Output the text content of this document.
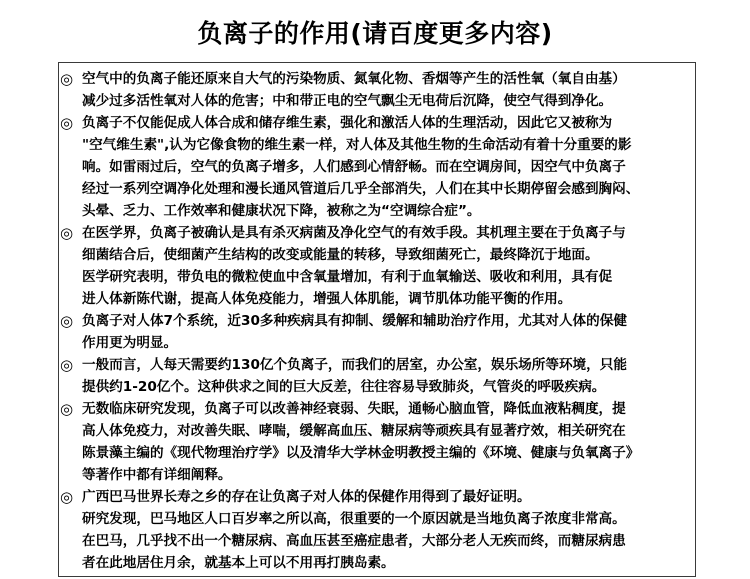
负离子的作用(请百度更多内容)
◎ 空气中的负离子能还原来自大气的污染物质、氮氧化物、香烟等产生的活性氧（氧自由基）
减少过多活性氧对人体的危害；中和带正电的空气飘尘无电荷后沉降，使空气得到净化。
◎ 负离子不仅能促成人体合成和储存维生素，强化和激活人体的生理活动，因此它又被称为
"空气维生素",认为它像食物的维生素一样，对人体及其他生物的生命活动有着十分重要的影
响。如雷雨过后，空气的负离子增多，人们感到心情舒畅。而在空调房间，因空气中负离子
经过一系列空调净化处理和漫长通风管道后几乎全部消失，人们在其中长期停留会感到胸闷、
头晕、乏力、工作效率和健康状况下降，被称之为“空调综合症”。
◎ 在医学界，负离子被确认是具有杀灭病菌及净化空气的有效手段。其机理主要在于负离子与
细菌结合后，使细菌产生结构的改变或能量的转移，导致细菌死亡，最终降沉于地面。
医学研究表明，带负电的微粒使血中含氧量增加，有利于血氧输送、吸收和利用，具有促
进人体新陈代谢，提高人体免疫能力，增强人体肌能，调节肌体功能平衡的作用。
◎ 负离子对人体7个系统，近30多种疾病具有抑制、缓解和辅助治疗作用，尤其对人体的保健
作用更为明显。
◎ 一般而言，人每天需要约130亿个负离子，而我们的居室，办公室，娱乐场所等环境，只能
提供约1-20亿个。这种供求之间的巨大反差，往往容易导致肺炎，气管炎的呼吸疾病。
◎ 无数临床研究发现，负离子可以改善神经衰弱、失眠，通畅心脑血管，降低血液粘稠度，提
高人体免疫力，对改善失眠、哮喘，缓解高血压、糖尿病等顽疾具有显著疗效，相关研究在
陈景藻主编的《现代物理治疗学》以及清华大学林金明教授主编的《环境、健康与负氧离子》
等著作中都有详细阐释。
◎ 广西巴马世界长寿之乡的存在让负离子对人体的保健作用得到了最好证明。
研究发现，巴马地区人口百岁率之所以高，很重要的一个原因就是当地负离子浓度非常高。
在巴马，几乎找不出一个糖尿病、高血压甚至癌症患者，大部分老人无疾而终，而糖尿病患
者在此地居住月余，就基本上可以不用再打胰岛素。
